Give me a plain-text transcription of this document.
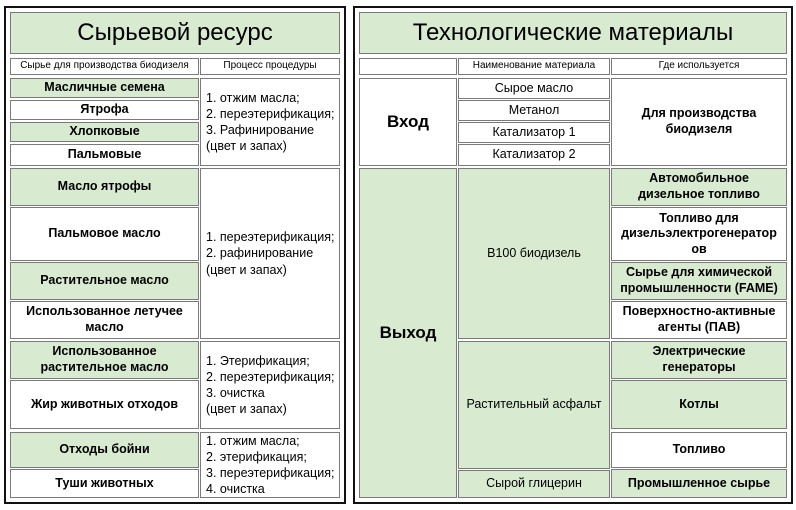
Сырьевой ресурс
Сырье для производства биодизеля	Процесс процедуры
Масличные семена
Ятрофа
Хлопковые
Пальмовые
1. отжим масла;
2. переэтерификация;
3. Рафинирование
(цвет и запах)
Масло ятрофы
Пальмовое масло
Растительное масло
Использованное летучее масло
1. переэтерификация;
2. рафинирование
(цвет и запах)
Использованное растительное масло
Жир животных отходов
1. Этерификация;
2. переэтерификация;
3. очистка
(цвет и запах)
Отходы бойни
Туши животных
1. отжим масла;
2. этерификация;
3. переэтерификация;
4. очистка
Технологические материалы
Наименование материала	Где используется
Вход
Сырое масло
Метанол
Катализатор 1
Катализатор 2
Для производства биодизеля
Выход
B100 биодизель
Растительный асфальт
Сырой глицерин
Автомобильное дизельное топливо
Топливо для дизельэлектрогенератор ов
Сырье для химической промышленности (FAME)
Поверхностно-активные агенты (ПАВ)
Электрические генераторы
Котлы
Топливо
Промышленное сырье
